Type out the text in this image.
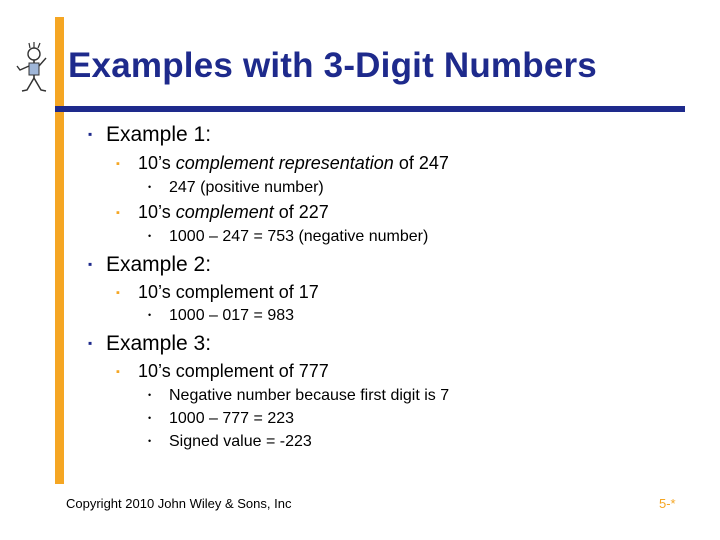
Examples with 3-Digit Numbers
▪ Example 1:
▪ 10’s complement representation of 247
• 247 (positive number)
▪ 10’s complement of 227
• 1000 – 247 = 753 (negative number)
▪ Example 2:
▪ 10’s complement of 17
• 1000 – 017 = 983
▪ Example 3:
▪ 10’s complement of 777
• Negative number because first digit is 7
• 1000 – 777 = 223
• Signed value = -223
Copyright 2010 John Wiley & Sons, Inc	5-*
